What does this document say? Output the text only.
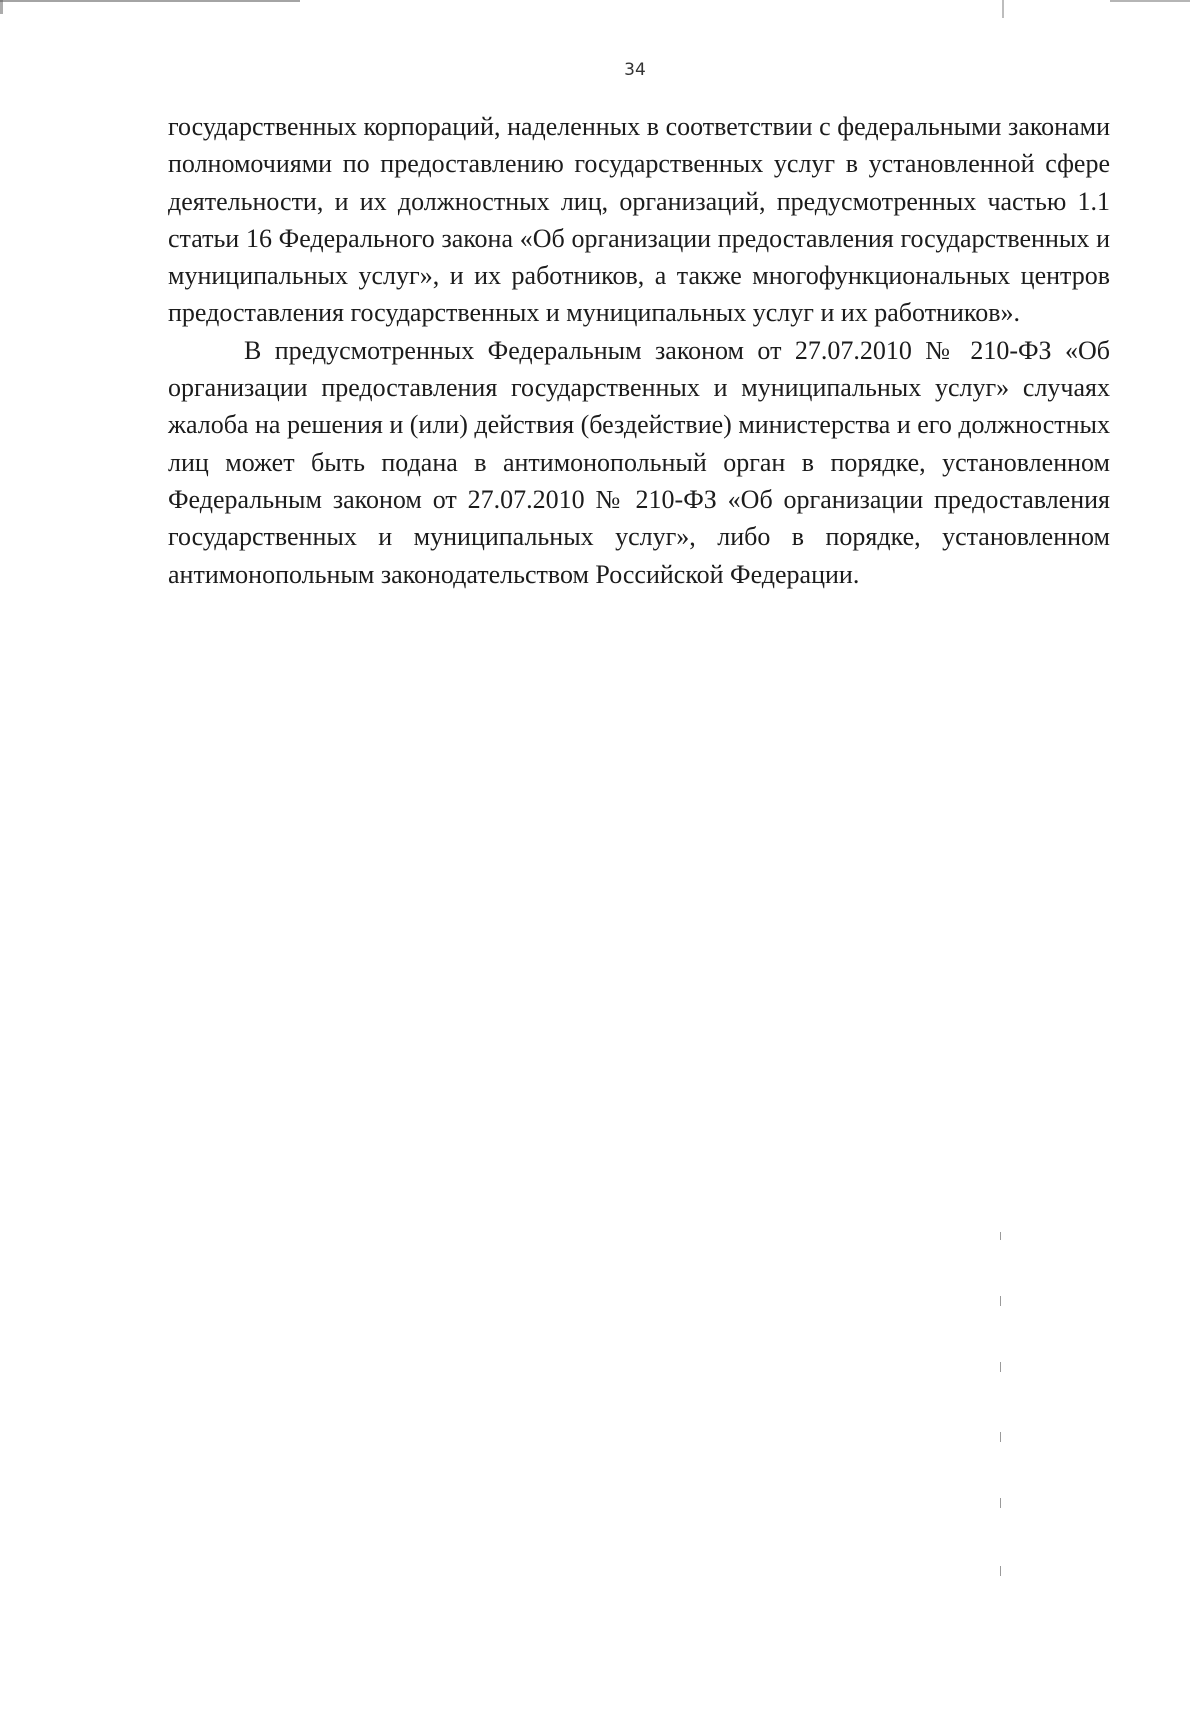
34

государственных корпораций, наделенных в соответствии с федеральными законами полномочиями по предоставлению государственных услуг в установленной сфере деятельности, и их должностных лиц, организаций, предусмотренных частью 1.1 статьи 16 Федерального закона «Об организации предоставления государственных и муниципальных услуг», и их работников, а также многофункциональных центров предоставления государственных и муниципальных услуг и их работников».

В предусмотренных Федеральным законом от 27.07.2010 № 210-ФЗ «Об организации предоставления государственных и муниципальных услуг» случаях жалоба на решения и (или) действия (бездействие) министерства и его должностных лиц может быть подана в антимонопольный орган в порядке, установленном Федеральным законом от 27.07.2010 № 210-ФЗ «Об организации предоставления государственных и муниципальных услуг», либо в порядке, установленном антимонопольным законодательством Российской Федерации.
